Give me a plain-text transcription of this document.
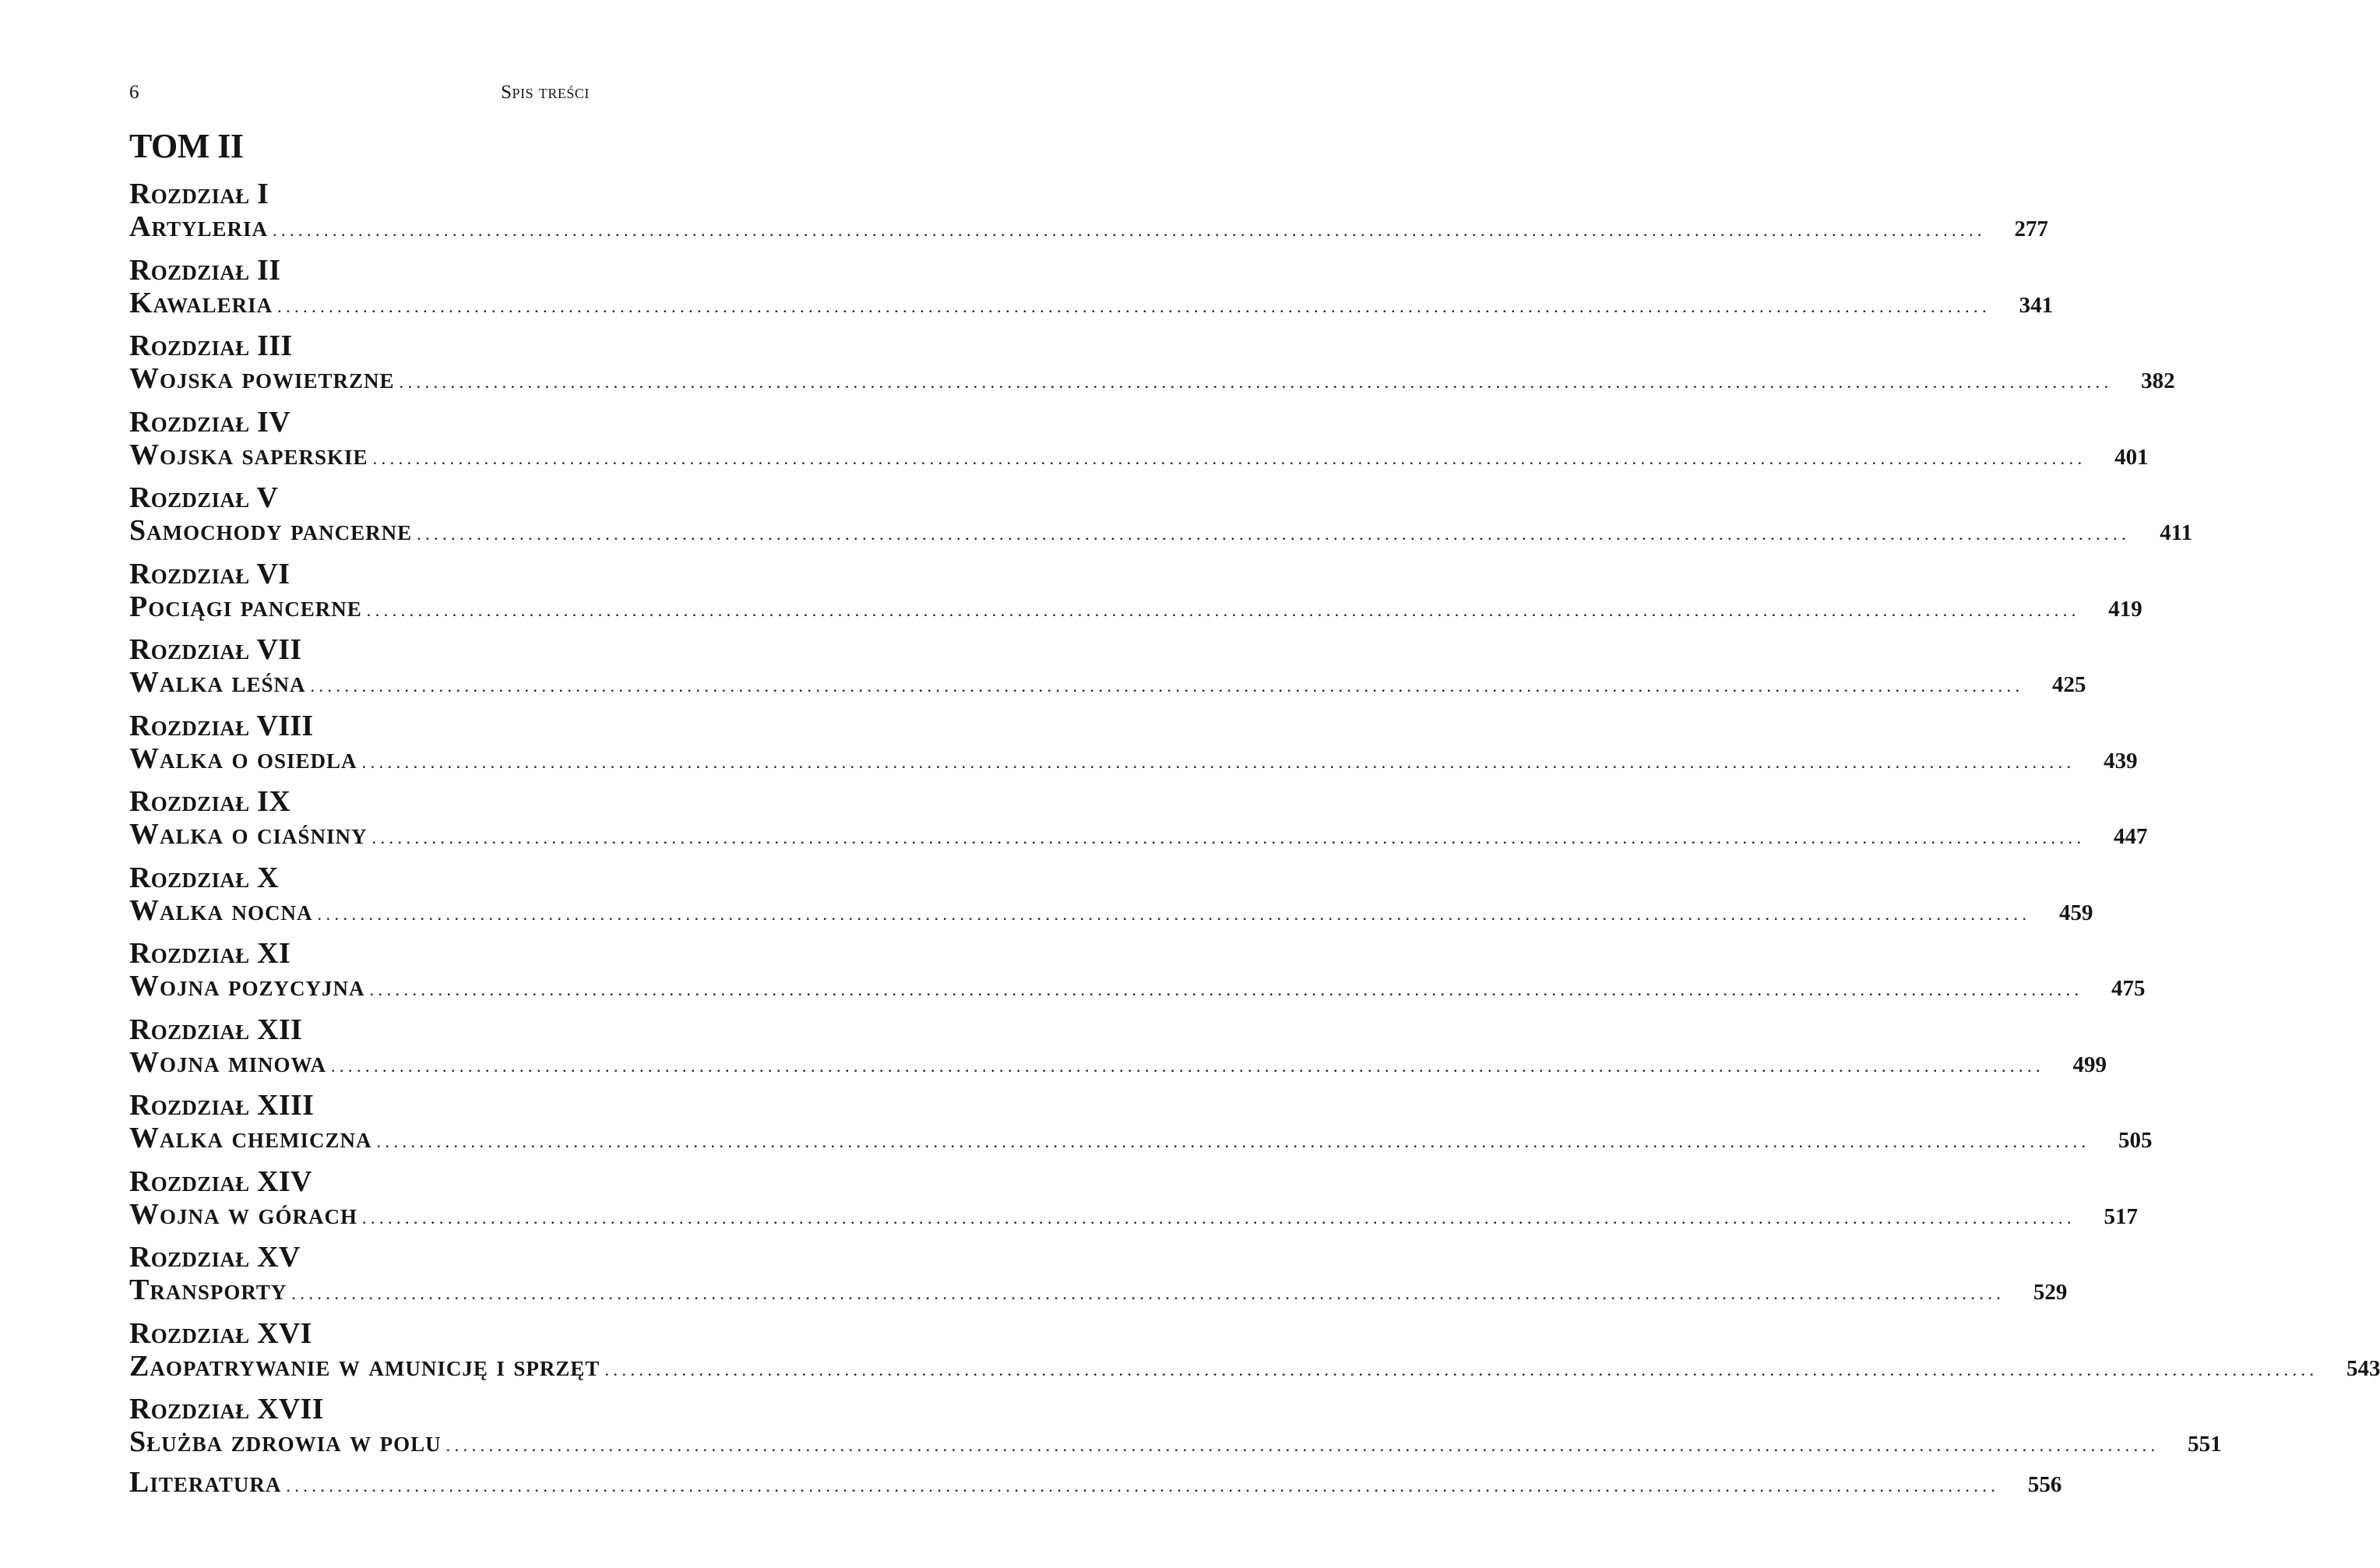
6	Spis treści
TOM II
Rozdział I
Artyleria ........................................................................................................................................................................................................	277
Rozdział II
Kawaleria ........................................................................................................................................................................................................	341
Rozdział III
Wojska powietrzne ........................................................................................................................................................................................................	382
Rozdział IV
Wojska saperskie ........................................................................................................................................................................................................	401
Rozdział V
Samochody pancerne ........................................................................................................................................................................................................	411
Rozdział VI
Pociągi pancerne ........................................................................................................................................................................................................	419
Rozdział VII
Walka leśna ........................................................................................................................................................................................................	425
Rozdział VIII
Walka o osiedla ........................................................................................................................................................................................................	439
Rozdział IX
Walka o ciaśniny ........................................................................................................................................................................................................	447
Rozdział X
Walka nocna ........................................................................................................................................................................................................	459
Rozdział XI
Wojna pozycyjna ........................................................................................................................................................................................................	475
Rozdział XII
Wojna minowa ........................................................................................................................................................................................................	499
Rozdział XIII
Walka chemiczna ........................................................................................................................................................................................................	505
Rozdział XIV
Wojna w górach ........................................................................................................................................................................................................	517
Rozdział XV
Transporty ........................................................................................................................................................................................................	529
Rozdział XVI
Zaopatrywanie w amunicję i sprzęt ........................................................................................................................................................................................................	543
Rozdział XVII
Służba zdrowia w polu ........................................................................................................................................................................................................	551
Literatura ........................................................................................................................................................................................................	556
